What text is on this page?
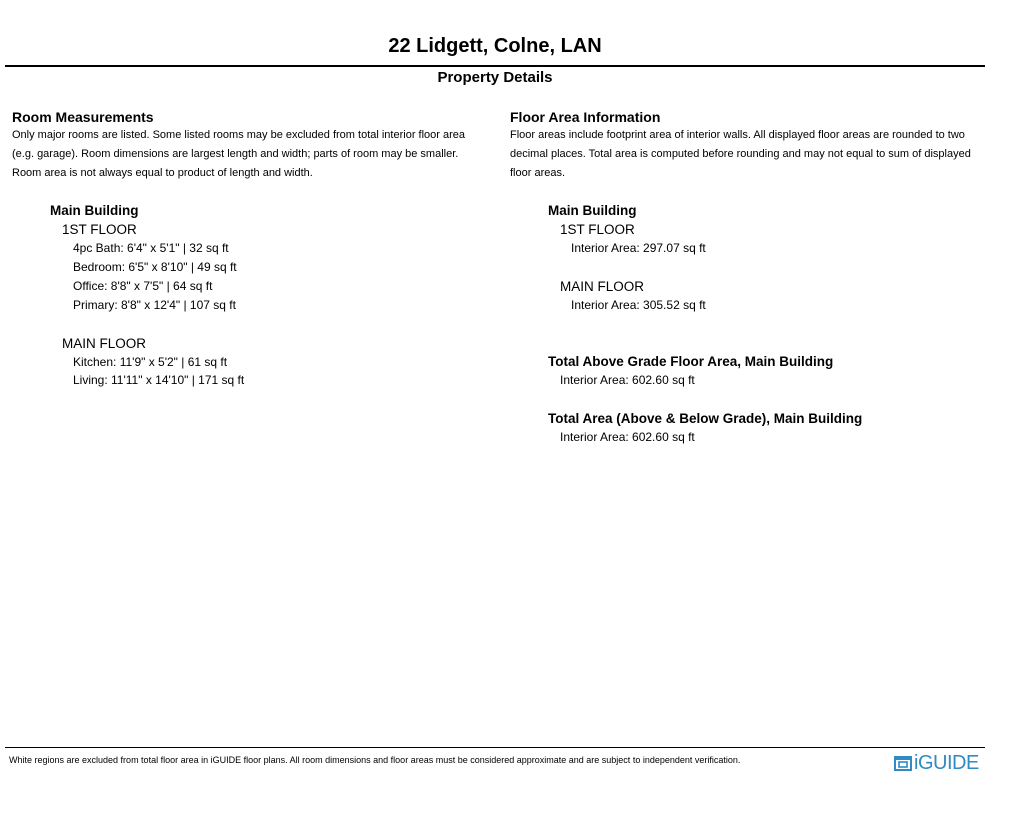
22 Lidgett, Colne, LAN
Property Details
Room Measurements
Only major rooms are listed. Some listed rooms may be excluded from total interior floor area
(e.g. garage). Room dimensions are largest length and width; parts of room may be smaller.
Room area is not always equal to product of length and width.
Main Building
1ST FLOOR
4pc Bath: 6'4" x 5'1" | 32 sq ft
Bedroom: 6'5" x 8'10" | 49 sq ft
Office: 8'8" x 7'5" | 64 sq ft
Primary: 8'8" x 12'4" | 107 sq ft
MAIN FLOOR
Kitchen: 11'9" x 5'2" | 61 sq ft
Living: 11'11" x 14'10" | 171 sq ft
Floor Area Information
Floor areas include footprint area of interior walls. All displayed floor areas are rounded to two
decimal places. Total area is computed before rounding and may not equal to sum of displayed
floor areas.
Main Building
1ST FLOOR
Interior Area: 297.07 sq ft
MAIN FLOOR
Interior Area: 305.52 sq ft
Total Above Grade Floor Area, Main Building
Interior Area: 602.60 sq ft
Total Area (Above & Below Grade), Main Building
Interior Area: 602.60 sq ft
White regions are excluded from total floor area in iGUIDE floor plans. All room dimensions and floor areas must be considered approximate and are subject to independent verification.	iGUIDE
